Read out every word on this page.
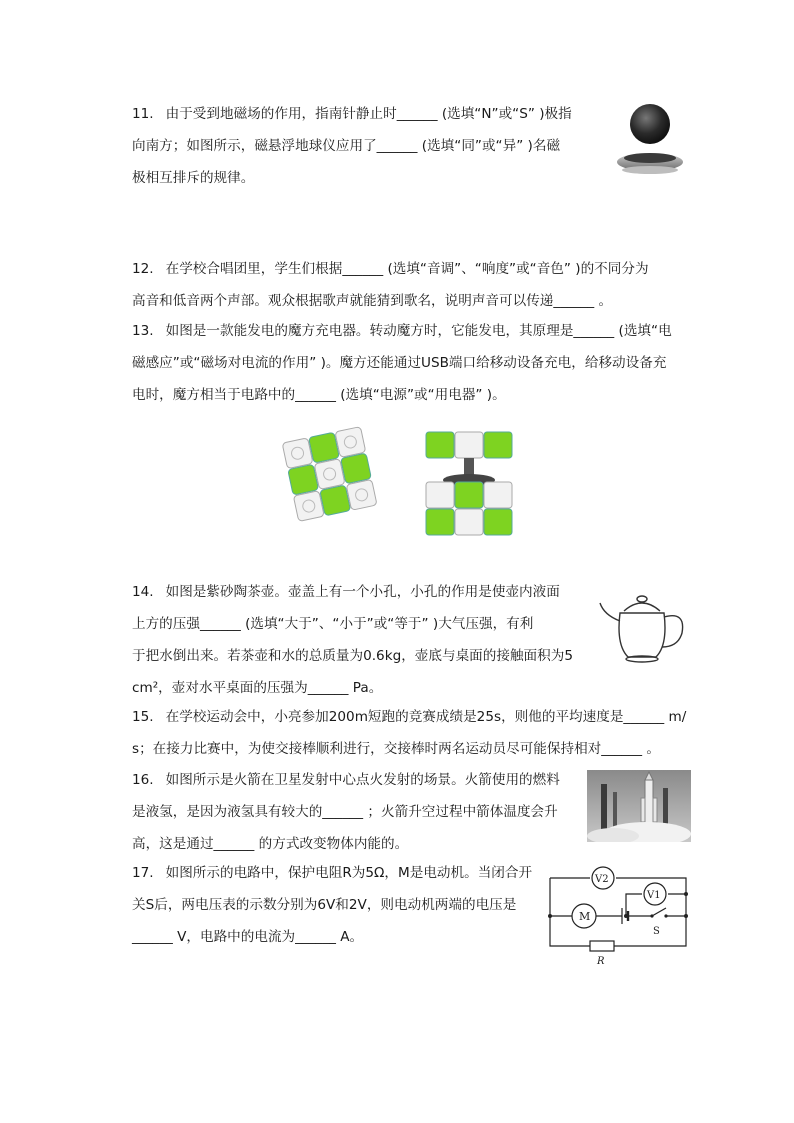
11. 由于受到地磁场的作用，指南针静止时______ (选填“N”或“S” )极指
向南方；如图所示，磁悬浮地球仪应用了______ (选填“同”或“异” )名磁
极相互排斥的规律。
12. 在学校合唱团里，学生们根据______ (选填“音调”、“响度”或“音色” )的不同分为
高音和低音两个声部。观众根据歌声就能猜到歌名，说明声音可以传递______ 。
13. 如图是一款能发电的魔方充电器。转动魔方时，它能发电，其原理是______ (选填“电
磁感应”或“磁场对电流的作用” )。魔方还能通过USB端口给移动设备充电，给移动设备充
电时，魔方相当于电路中的______ (选填“电源”或“用电器” )。
14. 如图是紫砂陶茶壶。壶盖上有一个小孔，小孔的作用是使壶内液面
上方的压强______ (选填“大于”、“小于”或“等于” )大气压强，有利
于把水倒出来。若茶壶和水的总质量为0.6kg，壶底与桌面的接触面积为5
cm²，壶对水平桌面的压强为______ Pa。
15. 在学校运动会中，小亮参加200m短跑的竞赛成绩是25s，则他的平均速度是______ m/
s；在接力比赛中，为使交接棒顺利进行，交接棒时两名运动员尽可能保持相对______ 。
16. 如图所示是火箭在卫星发射中心点火发射的场景。火箭使用的燃料
是液氢，是因为液氢具有较大的______ ；火箭升空过程中箭体温度会升
高，这是通过______ 的方式改变物体内能的。
17. 如图所示的电路中，保护电阻R为5Ω，M是电动机。当闭合开
关S后，两电压表的示数分别为6V和2V，则电动机两端的电压是
______ V，电路中的电流为______ A。
V2
V1
M
S
R
